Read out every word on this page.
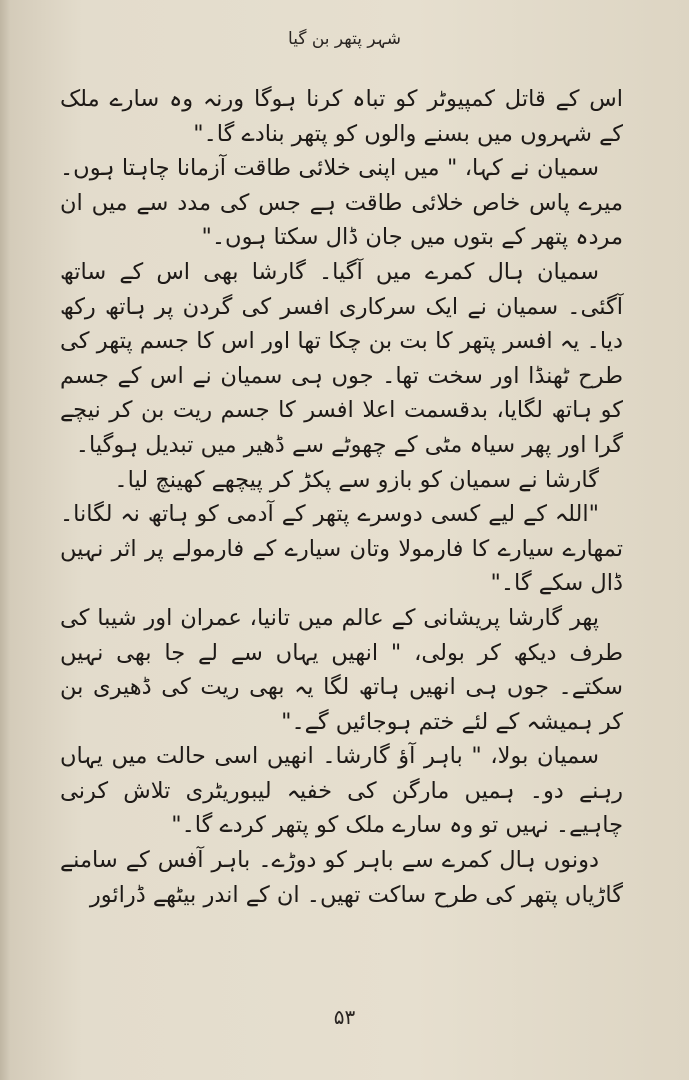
شہر پتھر بن گیا

اس کے قاتل کمپیوٹر کو تباہ کرنا ہوگا ورنہ وہ سارے ملک کے شہروں میں بسنے والوں کو پتھر بنادے گا۔"

سمیان نے کہا، " میں اپنی خلائی طاقت آزمانا چاہتا ہوں۔ میرے پاس خاص خلائی طاقت ہے جس کی مدد سے میں ان مردہ پتھر کے بتوں میں جان ڈال سکتا ہوں۔"

سمیان ہال کمرے میں آگیا۔ گارشا بھی اس کے ساتھ آگئی۔ سمیان نے ایک سرکاری افسر کی گردن پر ہاتھ رکھ دیا۔ یہ افسر پتھر کا بت بن چکا تھا اور اس کا جسم پتھر کی طرح ٹھنڈا اور سخت تھا۔ جوں ہی سمیان نے اس کے جسم کو ہاتھ لگایا، بدقسمت اعلا افسر کا جسم ریت بن کر نیچے گرا اور پھر سیاہ مٹی کے چھوٹے سے ڈھیر میں تبدیل ہوگیا۔

گارشا نے سمیان کو بازو سے پکڑ کر پیچھے کھینچ لیا۔

"اللہ کے لیے کسی دوسرے پتھر کے آدمی کو ہاتھ نہ لگانا۔ تمھارے سیارے کا فارمولا وتان سیارے کے فارمولے پر اثر نہیں ڈال سکے گا۔"

پھر گارشا پریشانی کے عالم میں تانیا، عمران اور شیبا کی طرف دیکھ کر بولی، " انھیں یہاں سے لے جا بھی نہیں سکتے۔ جوں ہی انھیں ہاتھ لگا یہ بھی ریت کی ڈھیری بن کر ہمیشہ کے لئے ختم ہوجائیں گے۔"

سمیان بولا، " باہر آؤ گارشا۔ انھیں اسی حالت میں یہاں رہنے دو۔ ہمیں مارگن کی خفیہ لیبوریٹری تلاش کرنی چاہیے۔ نہیں تو وہ سارے ملک کو پتھر کردے گا۔"

دونوں ہال کمرے سے باہر کو دوڑے۔ باہر آفس کے سامنے گاڑیاں پتھر کی طرح ساکت تھیں۔ ان کے اندر بیٹھے ڈرائور

۵۳
